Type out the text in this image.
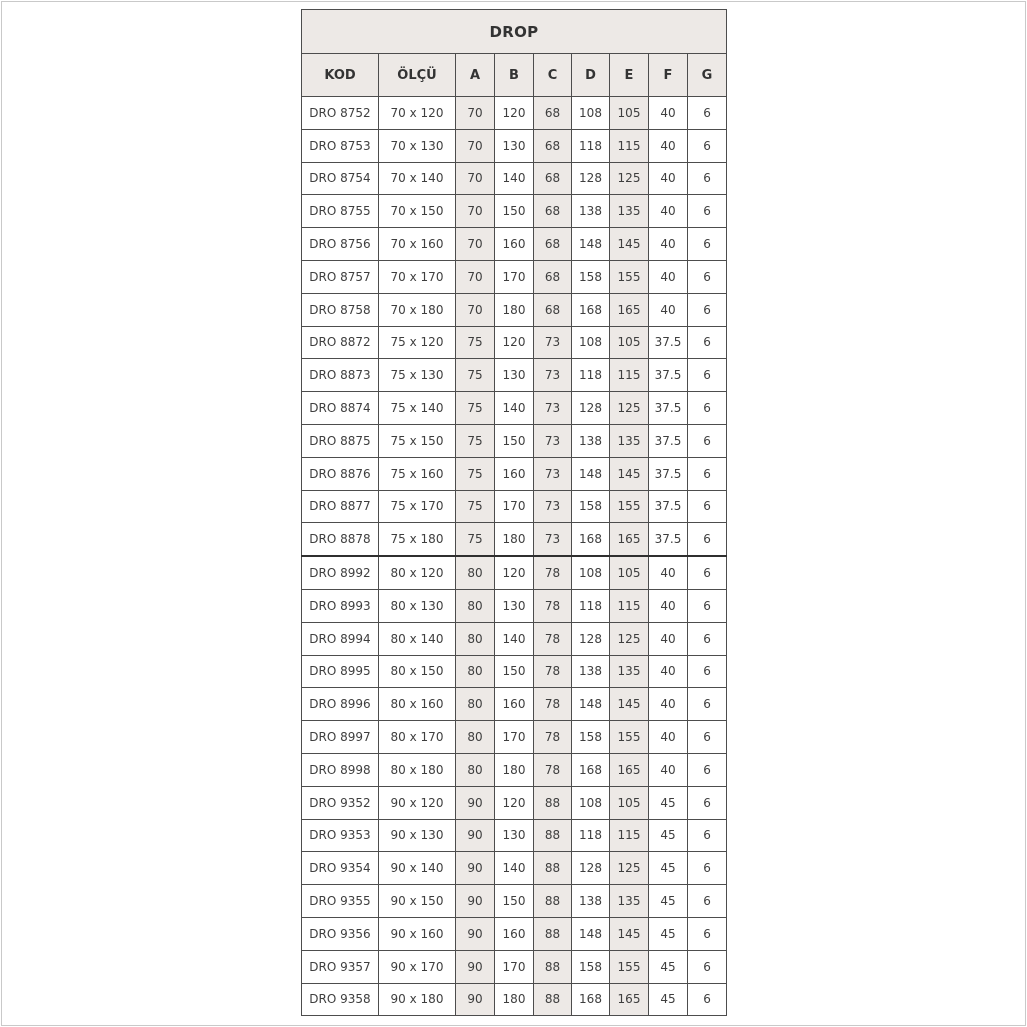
DROP								
KOD	ÖLÇÜ	A	B	C	D	E	F	G
DRO 8752	70 x 120	70	120	68	108	105	40	6
DRO 8753	70 x 130	70	130	68	118	115	40	6
DRO 8754	70 x 140	70	140	68	128	125	40	6
DRO 8755	70 x 150	70	150	68	138	135	40	6
DRO 8756	70 x 160	70	160	68	148	145	40	6
DRO 8757	70 x 170	70	170	68	158	155	40	6
DRO 8758	70 x 180	70	180	68	168	165	40	6
DRO 8872	75 x 120	75	120	73	108	105	37.5	6
DRO 8873	75 x 130	75	130	73	118	115	37.5	6
DRO 8874	75 x 140	75	140	73	128	125	37.5	6
DRO 8875	75 x 150	75	150	73	138	135	37.5	6
DRO 8876	75 x 160	75	160	73	148	145	37.5	6
DRO 8877	75 x 170	75	170	73	158	155	37.5	6
DRO 8878	75 x 180	75	180	73	168	165	37.5	6
DRO 8992	80 x 120	80	120	78	108	105	40	6
DRO 8993	80 x 130	80	130	78	118	115	40	6
DRO 8994	80 x 140	80	140	78	128	125	40	6
DRO 8995	80 x 150	80	150	78	138	135	40	6
DRO 8996	80 x 160	80	160	78	148	145	40	6
DRO 8997	80 x 170	80	170	78	158	155	40	6
DRO 8998	80 x 180	80	180	78	168	165	40	6
DRO 9352	90 x 120	90	120	88	108	105	45	6
DRO 9353	90 x 130	90	130	88	118	115	45	6
DRO 9354	90 x 140	90	140	88	128	125	45	6
DRO 9355	90 x 150	90	150	88	138	135	45	6
DRO 9356	90 x 160	90	160	88	148	145	45	6
DRO 9357	90 x 170	90	170	88	158	155	45	6
DRO 9358	90 x 180	90	180	88	168	165	45	6
